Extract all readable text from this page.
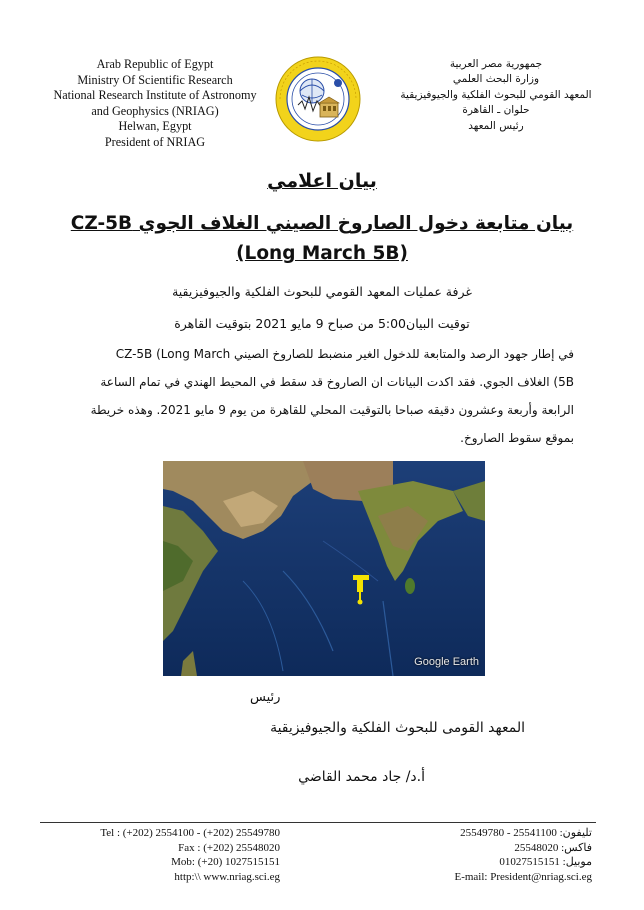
Arab Republic of Egypt
Ministry Of Scientific Research
National Research Institute of Astronomy
and Geophysics (NRIAG)
Helwan, Egypt
President of NRIAG
جمهورية مصر العربية
وزارة البحث العلمي
المعهد القومي للبحوث الفلكية والجيوفيزيقية
حلوان ـ القاهرة
رئيس المعهد
بيان اعلامي
بيان متابعة دخول الصاروخ الصيني الغلاف الجوي CZ-5B (Long March 5B)
غرفة عمليات المعهد القومي للبحوث الفلكية والجيوفيزيقية
توقيت البيان5:00 من صباح 9 مايو 2021 بتوقيت القاهرة
في إطار جهود الرصد والمتابعة للدخول الغير منضبط للصاروخ الصيني CZ-5B (Long March
5B) الغلاف الجوي. فقد اكدت البيانات ان الصاروخ قد سقط في المحيط الهندي في تمام الساعة
الرابعة وأربعة وعشرون دقيقه صباحا بالتوقيت المحلي للقاهرة من يوم 9 مايو 2021. وهذه خريطة
بموقع سقوط الصاروخ.
Google Earth
رئيس
المعهد القومى للبحوث الفلكية والجيوفيزيقية
أ.د/ جاد محمد القاضي
Tel : (+202) 2554100 - (+202) 25549780
Fax : (+202) 25548020
Mob: (+20) 1027515151
http:\\ www.nriag.sci.eg
تليفون: 25541100 - 25549780
فاكس: 25548020
موبيل: 01027515151
E-mail: President@nriag.sci.eg
